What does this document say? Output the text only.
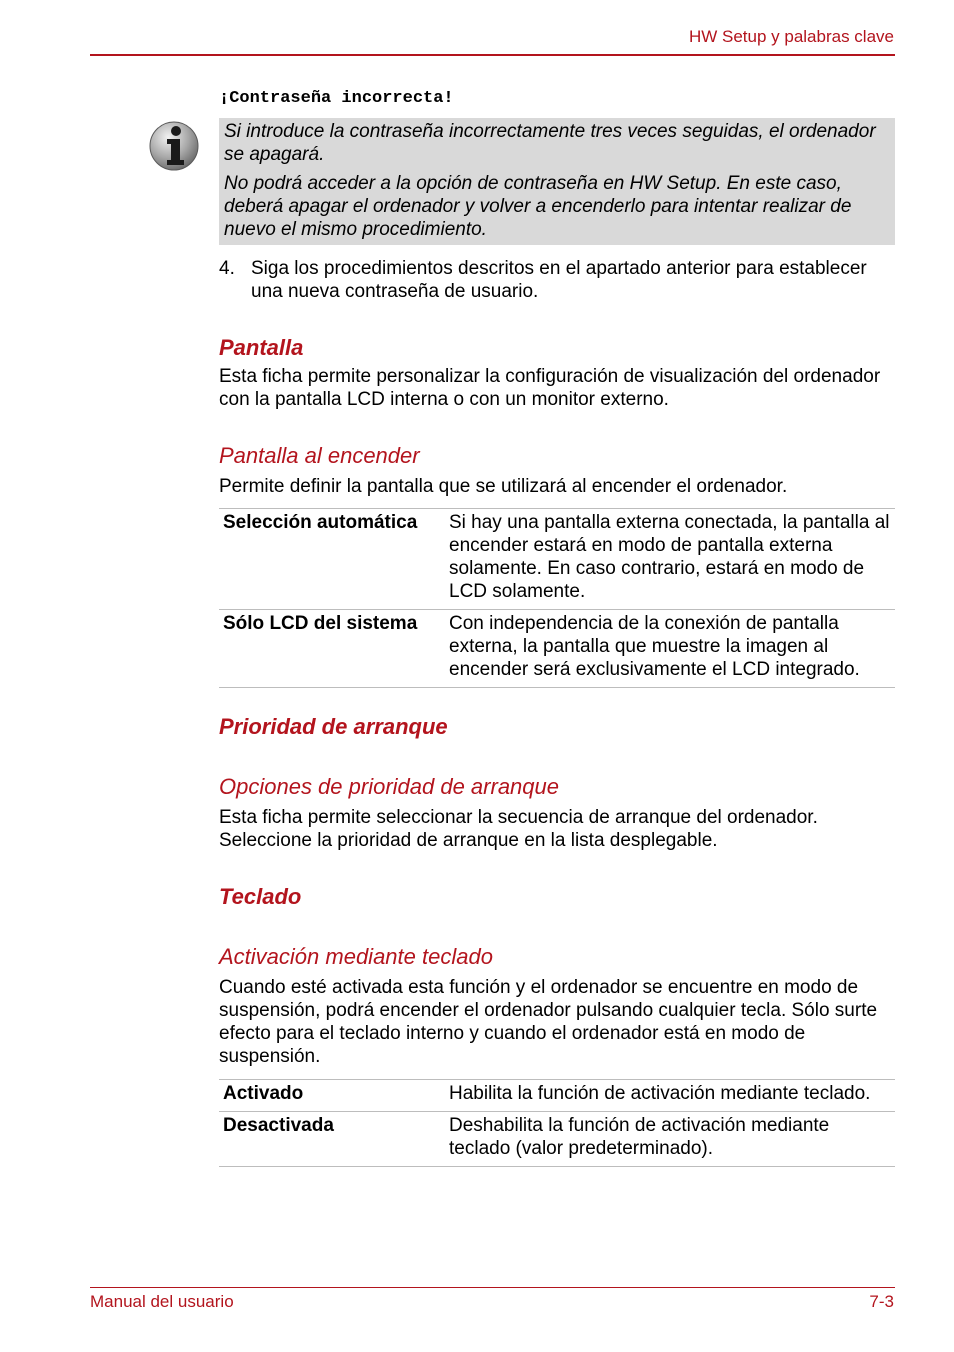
HW Setup y palabras clave
¡Contraseña incorrecta!

Si introduce la contraseña incorrectamente tres veces seguidas, el ordenador se apagará.

No podrá acceder a la opción de contraseña en HW Setup. En este caso, deberá apagar el ordenador y volver a encenderlo para intentar realizar de nuevo el mismo procedimiento.

4. Siga los procedimientos descritos en el apartado anterior para establecer una nueva contraseña de usuario.
Pantalla

Esta ficha permite personalizar la configuración de visualización del ordenador con la pantalla LCD interna o con un monitor externo.

Pantalla al encender

Permite definir la pantalla que se utilizará al encender el ordenador.

Selección automática	Si hay una pantalla externa conectada, la pantalla al encender estará en modo de pantalla externa solamente. En caso contrario, estará en modo de LCD solamente.
Sólo LCD del sistema	Con independencia de la conexión de pantalla externa, la pantalla que muestre la imagen al encender será exclusivamente el LCD integrado.
Prioridad de arranque
Opciones de prioridad de arranque

Esta ficha permite seleccionar la secuencia de arranque del ordenador. Seleccione la prioridad de arranque en la lista desplegable.

Teclado
Activación mediante teclado

Cuando esté activada esta función y el ordenador se encuentre en modo de suspensión, podrá encender el ordenador pulsando cualquier tecla. Sólo surte efecto para el teclado interno y cuando el ordenador está en modo de suspensión.

Activado	Habilita la función de activación mediante teclado.
Desactivada	Deshabilita la función de activación mediante teclado (valor predeterminado).
Manual del usuario	7-3
